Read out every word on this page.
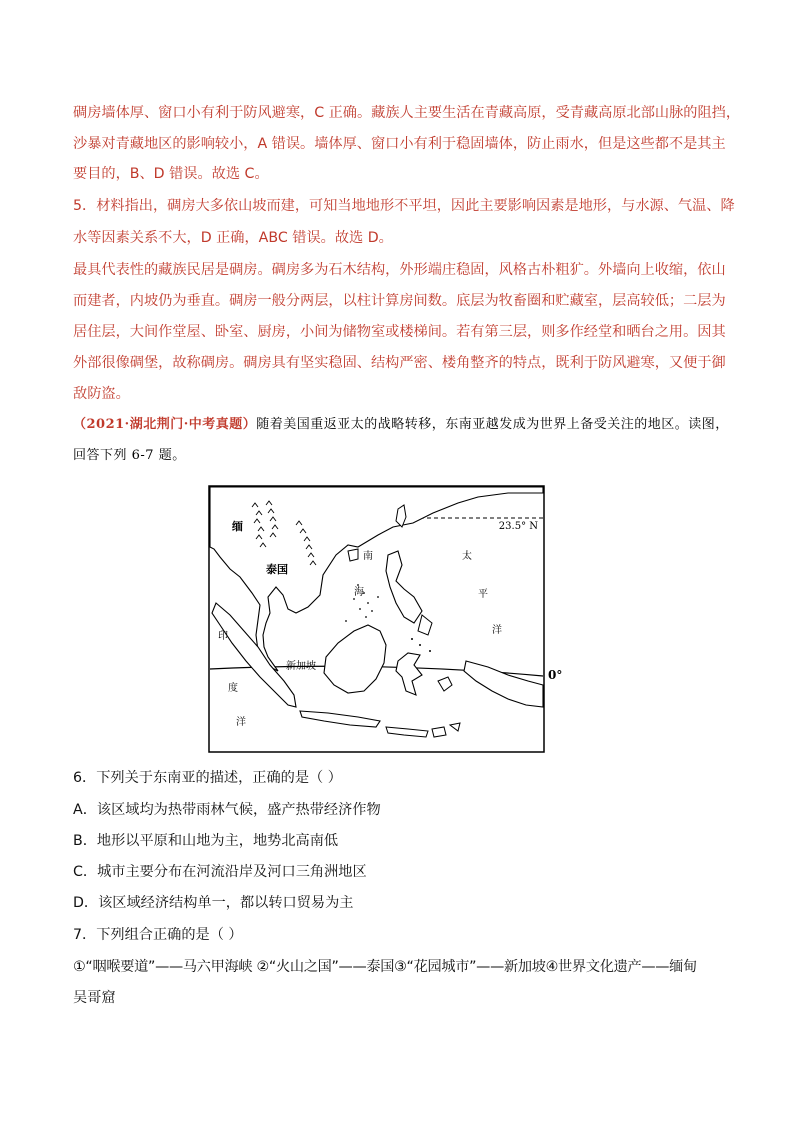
碉房墙体厚、窗口小有利于防风避寒，C 正确。藏族人主要生活在青藏高原，受青藏高原北部山脉的阻挡，
沙暴对青藏地区的影响较小，A 错误。墙体厚、窗口小有利于稳固墙体，防止雨水，但是这些都不是其主
要目的，B、D 错误。故选 C。
5．材料指出，碉房大多依山坡而建，可知当地地形不平坦，因此主要影响因素是地形，与水源、气温、降
水等因素关系不大，D 正确，ABC 错误。故选 D。
最具代表性的藏族民居是碉房。碉房多为石木结构，外形端庄稳固，风格古朴粗犷。外墙向上收缩，依山
而建者，内坡仍为垂直。碉房一般分两层，以柱计算房间数。底层为牧畜圈和贮藏室，层高较低；二层为
居住层，大间作堂屋、卧室、厨房，小间为储物室或楼梯间。若有第三层，则多作经堂和晒台之用。因其
外部很像碉堡，故称碉房。碉房具有坚实稳固、结构严密、楼角整齐的特点，既利于防风避寒，又便于御
敌防盗。
（2021·湖北荆门·中考真题）随着美国重返亚太的战略转移，东南亚越发成为世界上备受关注的地区。读图，
回答下列 6-7 题。
23.5° N
缅
泰国
南
海
太
平
洋
印
度
洋
新加坡
0°
6．下列关于东南亚的描述，正确的是（ ）
A．该区域均为热带雨林气候，盛产热带经济作物
B．地形以平原和山地为主，地势北高南低
C．城市主要分布在河流沿岸及河口三角洲地区
D．该区域经济结构单一，都以转口贸易为主
7．下列组合正确的是（ ）
①“咽喉要道”——马六甲海峡 ②“火山之国”——泰国③“花园城市”——新加坡④世界文化遗产——缅甸
吴哥窟
